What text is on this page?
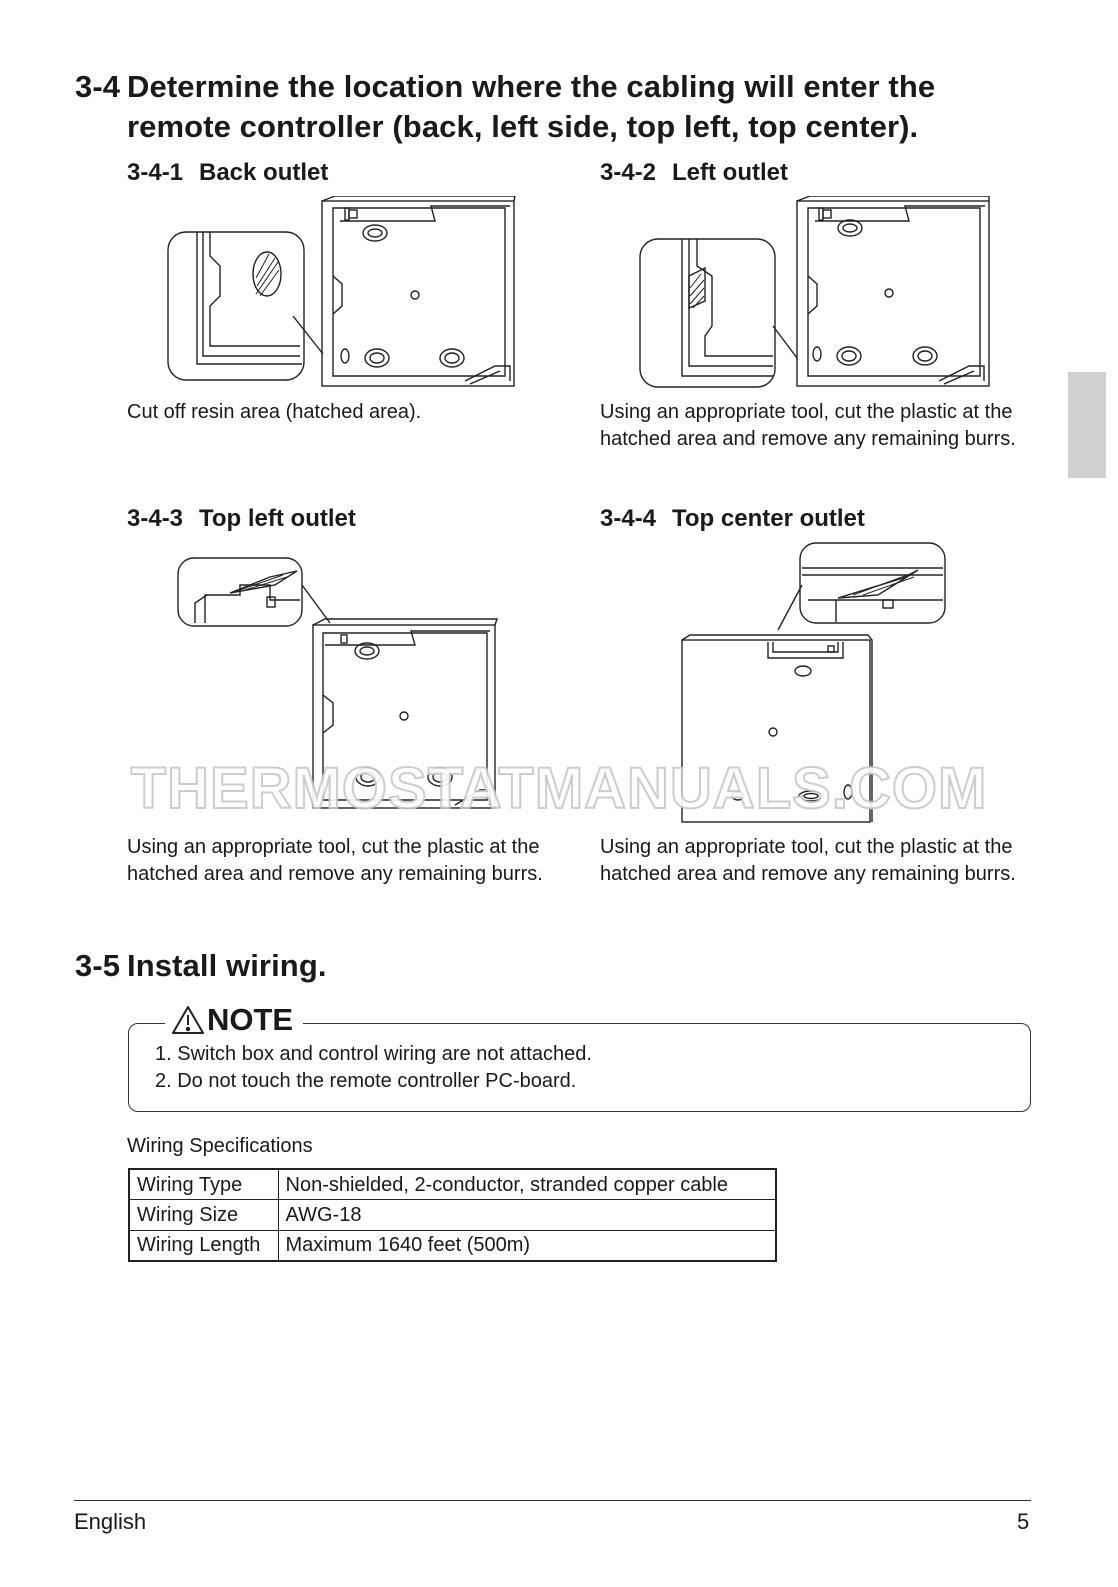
3-4 Determine the location where the cabling will enter the
remote controller (back, left side, top left, top center).
3-4-1 Back outlet
Cut off resin area (hatched area).
3-4-2 Left outlet
Using an appropriate tool, cut the plastic at the hatched area and remove any remaining burrs.
3-4-3 Top left outlet
Using an appropriate tool, cut the plastic at the hatched area and remove any remaining burrs.
3-4-4 Top center outlet
Using an appropriate tool, cut the plastic at the hatched area and remove any remaining burrs.
THERMOSTATMANUALS.COM
3-5 Install wiring.
NOTE
1. Switch box and control wiring are not attached.
2. Do not touch the remote controller PC-board.
Wiring Specifications
Wiring Type	Non-shielded, 2-conductor, stranded copper cable
Wiring Size	AWG-18
Wiring Length	Maximum 1640 feet (500m)
English	5
